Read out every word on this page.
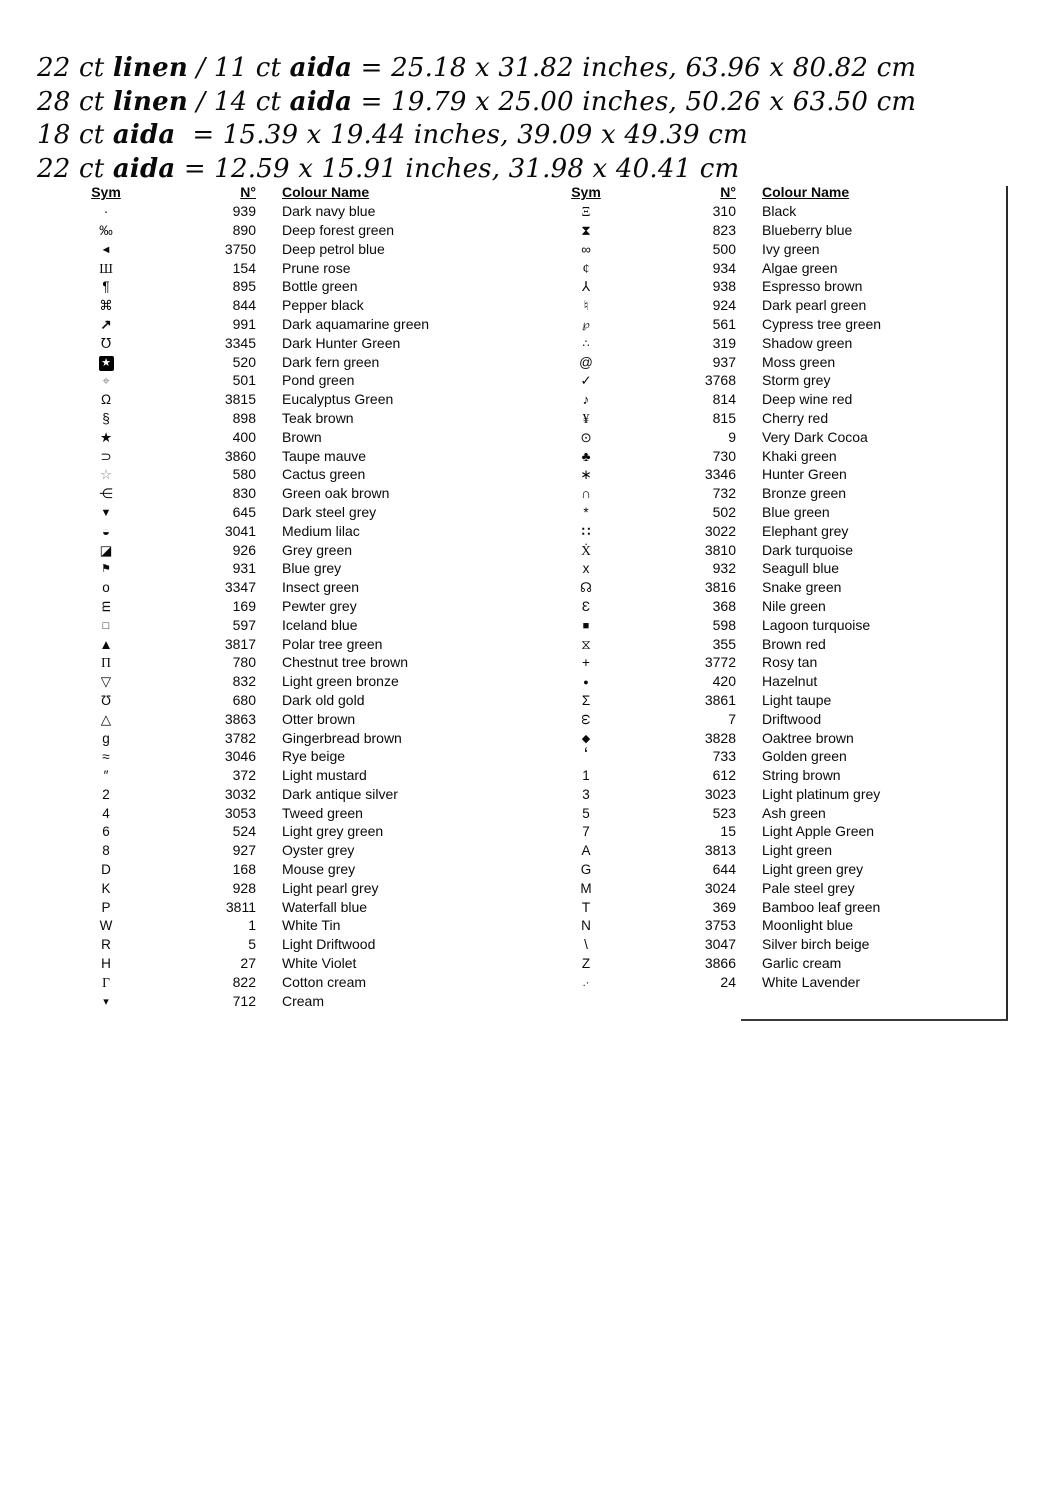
22 ct linen / 11 ct aida = 25.18 x 31.82 inches, 63.96 x 80.82 cm
28 ct linen / 14 ct aida = 19.79 x 25.00 inches, 50.26 x 63.50 cm
18 ct aida  = 15.39 x 19.44 inches, 39.09 x 49.39 cm
22 ct aida = 12.59 x 15.91 inches, 31.98 x 40.41 cm
Sym	N°	Colour Name
·	939	Dark navy blue
‰	890	Deep forest green
◄	3750	Deep petrol blue
Ш	154	Prune rose
¶	895	Bottle green
⌘	844	Pepper black
↗	991	Dark aquamarine green
℧	3345	Dark Hunter Green
★	520	Dark fern green
⌖	501	Pond green
Ω	3815	Eucalyptus Green
§	898	Teak brown
★	400	Brown
⊃	3860	Taupe mauve
☆	580	Cactus green
⋲	830	Green oak brown
▼	645	Dark steel grey
◒	3041	Medium lilac
◪	926	Grey green
⚑	931	Blue grey
o	3347	Insect green
m	169	Pewter grey
□	597	Iceland blue
▲	3817	Polar tree green
Π	780	Chestnut tree brown
▽	832	Light green bronze
Ʊ	680	Dark old gold
△	3863	Otter brown
g	3782	Gingerbread brown
≈	3046	Rye beige
″	372	Light mustard
2	3032	Dark antique silver
4	3053	Tweed green
6	524	Light grey green
8	927	Oyster grey
D	168	Mouse grey
K	928	Light pearl grey
P	3811	Waterfall blue
W	1	White Tin
R	5	Light Driftwood
H	27	White Violet
Γ	822	Cotton cream
▾	712	Cream
Sym	N°	Colour Name
Ξ	310	Black
⧗	823	Blueberry blue
∞	500	Ivy green
¢	934	Algae green
⅄	938	Espresso brown
♮	924	Dark pearl green
℘	561	Cypress tree green
∴	319	Shadow green
@	937	Moss green
✓	3768	Storm grey
♪	814	Deep wine red
¥	815	Cherry red
⊙	9	Very Dark Cocoa
♣	730	Khaki green
∗	3346	Hunter Green
∩	732	Bronze green
*	502	Blue green
∷	3022	Elephant grey
Ẋ	3810	Dark turquoise
x	932	Seagull blue
☊	3816	Snake green
Ɛ	368	Nile green
■	598	Lagoon turquoise
⧖	355	Brown red
+	3772	Rosy tan
●	420	Hazelnut
Σ	3861	Light taupe
ω	7	Driftwood
◆	3828	Oaktree brown
‘	733	Golden green
1	612	String brown
3	3023	Light platinum grey
5	523	Ash green
7	15	Light Apple Green
A	3813	Light green
G	644	Light green grey
M	3024	Pale steel grey
T	369	Bamboo leaf green
N	3753	Moonlight blue
\	3047	Silver birch beige
Z	3866	Garlic cream
.·	24	White Lavender
